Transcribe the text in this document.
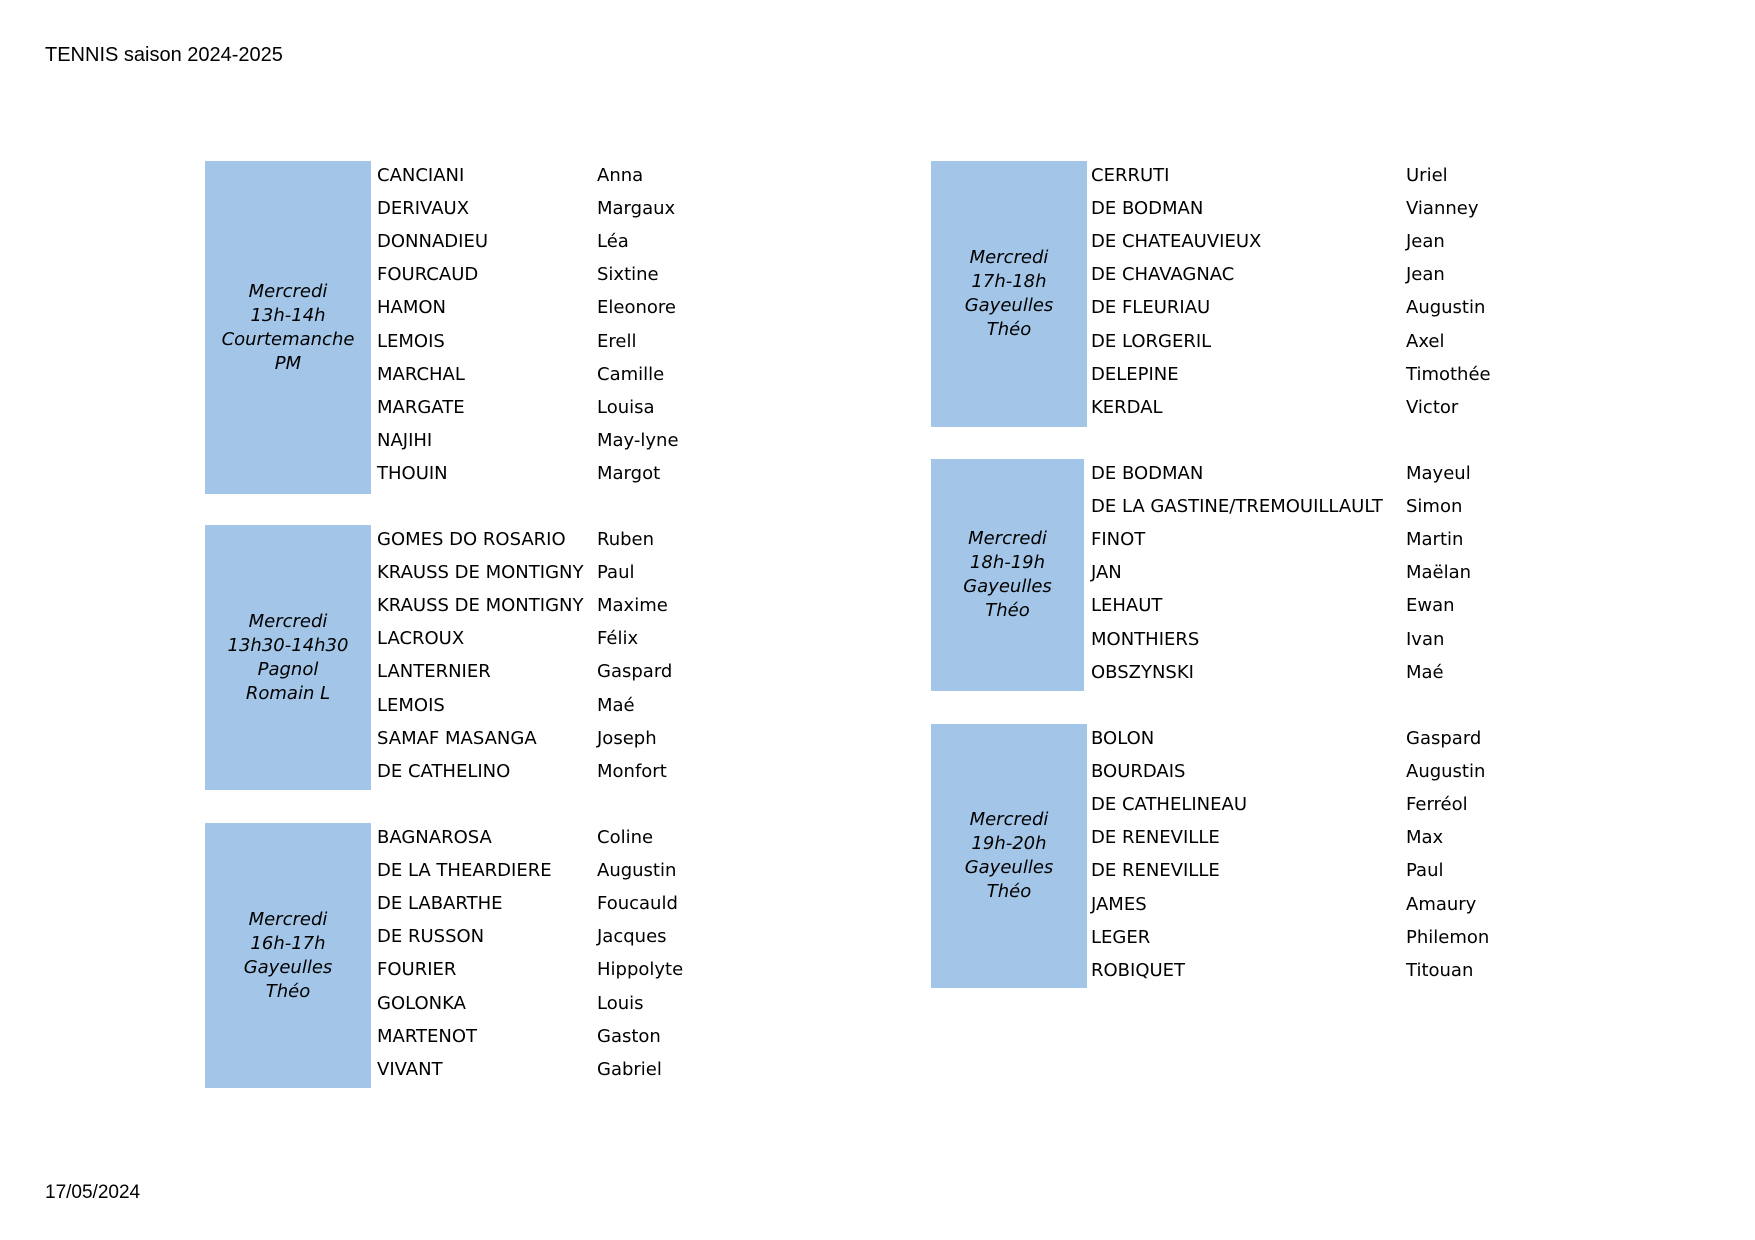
TENNIS saison 2024-2025
Mercredi
13h-14h
Courtemanche
PM
CANCIANI	Anna
DERIVAUX	Margaux
DONNADIEU	Léa
FOURCAUD	Sixtine
HAMON	Eleonore
LEMOIS	Erell
MARCHAL	Camille
MARGATE	Louisa
NAJIHI	May-lyne
THOUIN	Margot
Mercredi
13h30-14h30
Pagnol
Romain L
GOMES DO ROSARIO Ruben
KRAUSS DE MONTIGNY Paul
KRAUSS DE MONTIGNY Maxime
LACROUX	Félix
LANTERNIER	Gaspard
LEMOIS	Maé
SAMAF MASANGA	Joseph
DE CATHELINO	Monfort
Mercredi
16h-17h
Gayeulles
Théo
BAGNAROSA	Coline
DE LA THEARDIERE	Augustin
DE LABARTHE	Foucauld
DE RUSSON	Jacques
FOURIER	Hippolyte
GOLONKA	Louis
MARTENOT	Gaston
VIVANT	Gabriel
Mercredi
17h-18h
Gayeulles
Théo
CERRUTI	Uriel
DE BODMAN	Vianney
DE CHATEAUVIEUX	Jean
DE CHAVAGNAC	Jean
DE FLEURIAU	Augustin
DE LORGERIL	Axel
DELEPINE	Timothée
KERDAL	Victor
Mercredi
18h-19h
Gayeulles
Théo
DE BODMAN	Mayeul
DE LA GASTINE/TREMOUILLAULT Simon
FINOT	Martin
JAN	Maëlan
LEHAUT	Ewan
MONTHIERS	Ivan
OBSZYNSKI	Maé
Mercredi
19h-20h
Gayeulles
Théo
BOLON	Gaspard
BOURDAIS	Augustin
DE CATHELINEAU	Ferréol
DE RENEVILLE	Max
DE RENEVILLE	Paul
JAMES	Amaury
LEGER	Philemon
ROBIQUET	Titouan
17/05/2024
